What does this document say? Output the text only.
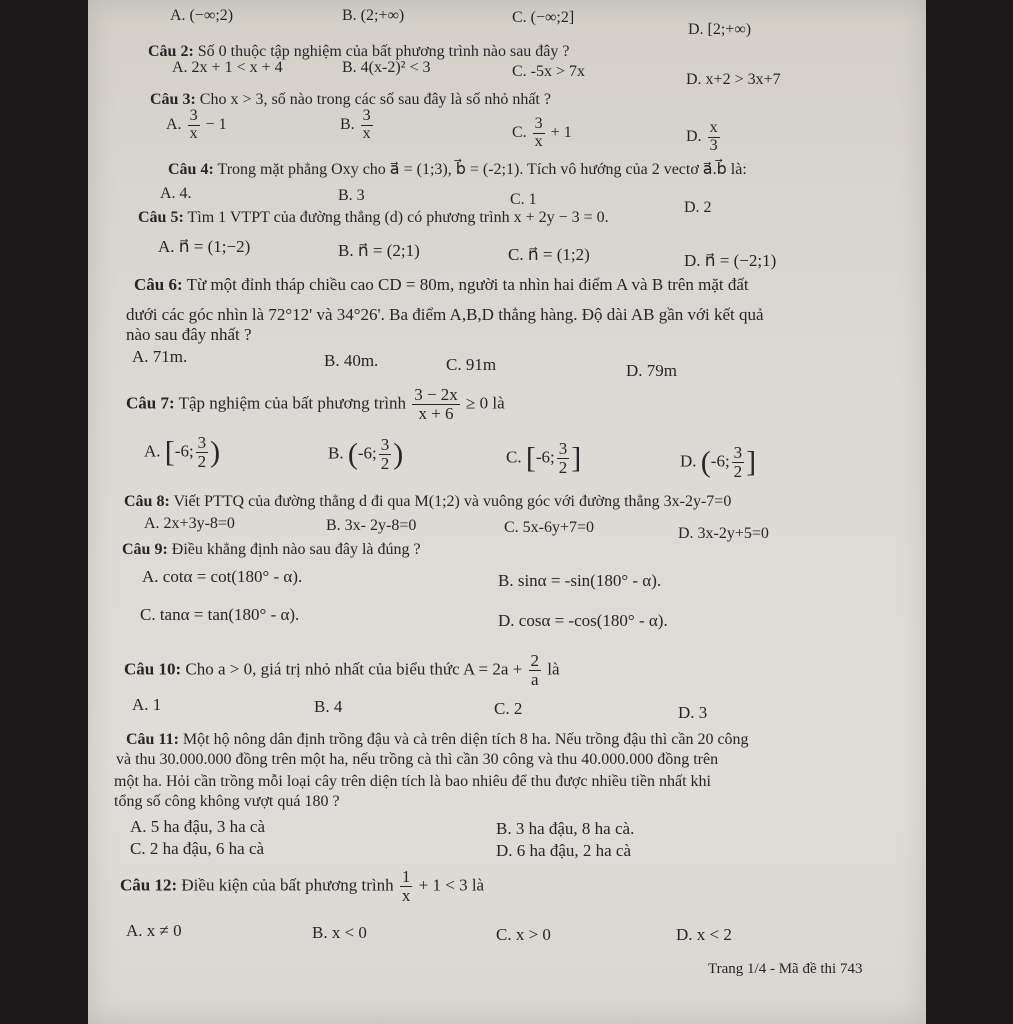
A. (−∞;2)	B. (2;+∞)	C. (−∞;2]
D. [2;+∞)
Câu 2: Số 0 thuộc tập nghiệm của bất phương trình nào sau đây ?
A. 2x + 1 < x + 4	B. 4(x-2)² < 3	C. -5x > 7x	D. x+2 > 3x+7
Câu 3: Cho x > 3, số nào trong các số sau đây là số nhỏ nhất ?
A. $\frac{3}{x} - 1$	B. $\frac{3}{x}$	C. $\frac{3}{x} + 1$	D. $\frac{x}{3}$
Câu 4: Trong mặt phẳng Oxy cho a⃗ = (1;3), b⃗ = (-2;1). Tích vô hướng của 2 vectơ a⃗.b⃗ là:
A. 4.	B. 3	C. 1	D. 2
Câu 5: Tìm 1 VTPT của đường thẳng (d) có phương trình x + 2y − 3 = 0.
A. n⃗ = (1;−2)	B. n⃗ = (2;1)	C. n⃗ = (1;2)	D. n⃗ = (−2;1)
Câu 6: Từ một đỉnh tháp chiều cao CD = 80m, người ta nhìn hai điểm A và B trên mặt đất
dưới các góc nhìn là 72°12' và 34°26'. Ba điểm A,B,D thẳng hàng. Độ dài AB gần với kết quả
nào sau đây nhất ?
A. 71m.	B. 40m.	C. 91m	D. 79m
Câu 7: Tập nghiệm của bất phương trình $\frac{3 - 2x}{x + 6} \ge 0$ là
A. [-6; $\frac{3}{2}$ )	B. (-6; $\frac{3}{2}$ )	C. [-6; $\frac{3}{2}$ ]	D. (-6; $\frac{3}{2}$ ]
Câu 8: Viết PTTQ của đường thẳng d đi qua M(1;2) và vuông góc với đường thẳng 3x-2y-7=0
A. 2x+3y-8=0	B. 3x- 2y-8=0	C. 5x-6y+7=0	D. 3x-2y+5=0
Câu 9: Điều khẳng định nào sau đây là đúng ?
A. cotα = cot(180° - α).	B. sinα = -sin(180° - α).
C. tanα = tan(180° - α).	D. cosα = -cos(180° - α).
Câu 10: Cho a > 0, giá trị nhỏ nhất của biểu thức $A = 2a + \frac{2}{a}$ là
A. 1	B. 4	C. 2	D. 3
Câu 11: Một hộ nông dân định trồng đậu và cà trên diện tích 8 ha. Nếu trồng đậu thì cần 20 công
và thu 30.000.000 đồng trên một ha, nếu trồng cà thì cần 30 công và thu 40.000.000 đồng trên
một ha. Hỏi cần trồng mỗi loại cây trên diện tích là bao nhiêu để thu được nhiều tiền nhất khi
tổng số công không vượt quá 180 ?
A. 5 ha đậu, 3 ha cà	B. 3 ha đậu, 8 ha cà.
C. 2 ha đậu, 6 ha cà	D. 6 ha đậu, 2 ha cà
Câu 12: Điều kiện của bất phương trình $\frac{1}{x} + 1 < 3$ là
A. x ≠ 0	B. x < 0	C. x > 0	D. x < 2
Trang 1/4 - Mã đề thi 743
